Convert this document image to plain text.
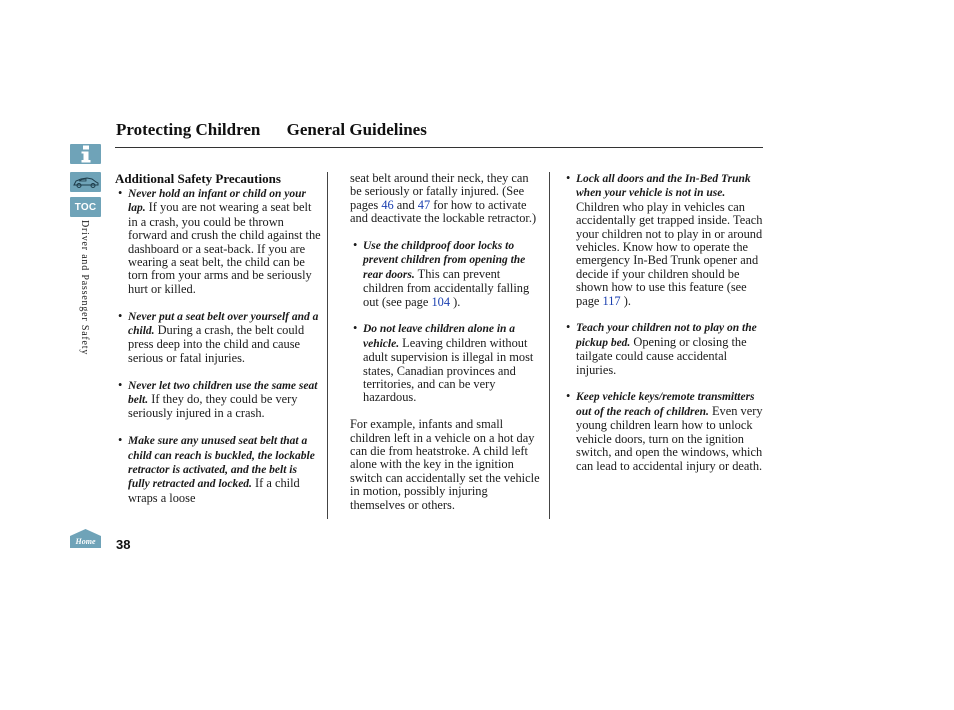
Protecting Children General Guidelines
TOC
Driver and Passenger Safety
Home 38
Additional Safety Precautions
• Never hold an infant or child on your lap. If you are not wearing a seat belt in a crash, you could be thrown forward and crush the child against the dashboard or a seat-back. If you are wearing a seat belt, the child can be torn from your arms and be seriously hurt or killed.
• Never put a seat belt over yourself and a child. During a crash, the belt could press deep into the child and cause serious or fatal injuries.
• Never let two children use the same seat belt. If they do, they could be very seriously injured in a crash.
• Make sure any unused seat belt that a child can reach is buckled, the lockable retractor is activated, and the belt is fully retracted and locked. If a child wraps a loose
seat belt around their neck, they can be seriously or fatally injured. (See pages 46 and 47 for how to activate and deactivate the lockable retractor.)
• Use the childproof door locks to prevent children from opening the rear doors. This can prevent children from accidentally falling out (see page 104 ).
• Do not leave children alone in a vehicle. Leaving children without adult supervision is illegal in most states, Canadian provinces and territories, and can be very hazardous.
For example, infants and small children left in a vehicle on a hot day can die from heatstroke. A child left alone with the key in the ignition switch can accidentally set the vehicle in motion, possibly injuring themselves or others.
• Lock all doors and the In-Bed Trunk when your vehicle is not in use. Children who play in vehicles can accidentally get trapped inside. Teach your children not to play in or around vehicles. Know how to operate the emergency In-Bed Trunk opener and decide if your children should be shown how to use this feature (see page 117 ).
• Teach your children not to play on the pickup bed. Opening or closing the tailgate could cause accidental injuries.
• Keep vehicle keys/remote transmitters out of the reach of children. Even very young children learn how to unlock vehicle doors, turn on the ignition switch, and open the windows, which can lead to accidental injury or death.
